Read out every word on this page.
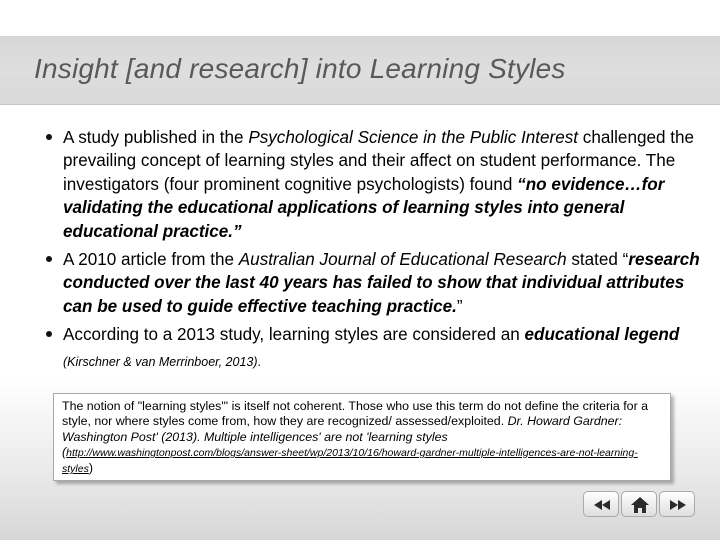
Insight [and research] into Learning Styles
A study published in the Psychological Science in the Public Interest challenged the prevailing concept of learning styles and their affect on student performance. The investigators (four prominent cognitive psychologists) found “no evidence…for validating the educational applications of learning styles into general educational practice.”
A 2010 article from the Australian Journal of Educational Research stated “research conducted over the last 40 years has failed to show that individual attributes can be used to guide effective teaching practice.”
According to a 2013 study, learning styles are considered an educational legend (Kirschner & van Merrinboer, 2013).
The notion of "learning styles"' is itself not coherent. Those who use this term do not define the criteria for a style, nor where styles come from, how they are recognized/ assessed/exploited. Dr. Howard Gardner: Washington Post' (2013). Multiple intelligences' are not 'learning styles (http://www.washingtonpost.com/blogs/answer-sheet/wp/2013/10/16/howard-gardner-multiple-intelligences-are-not-learning-styles)
